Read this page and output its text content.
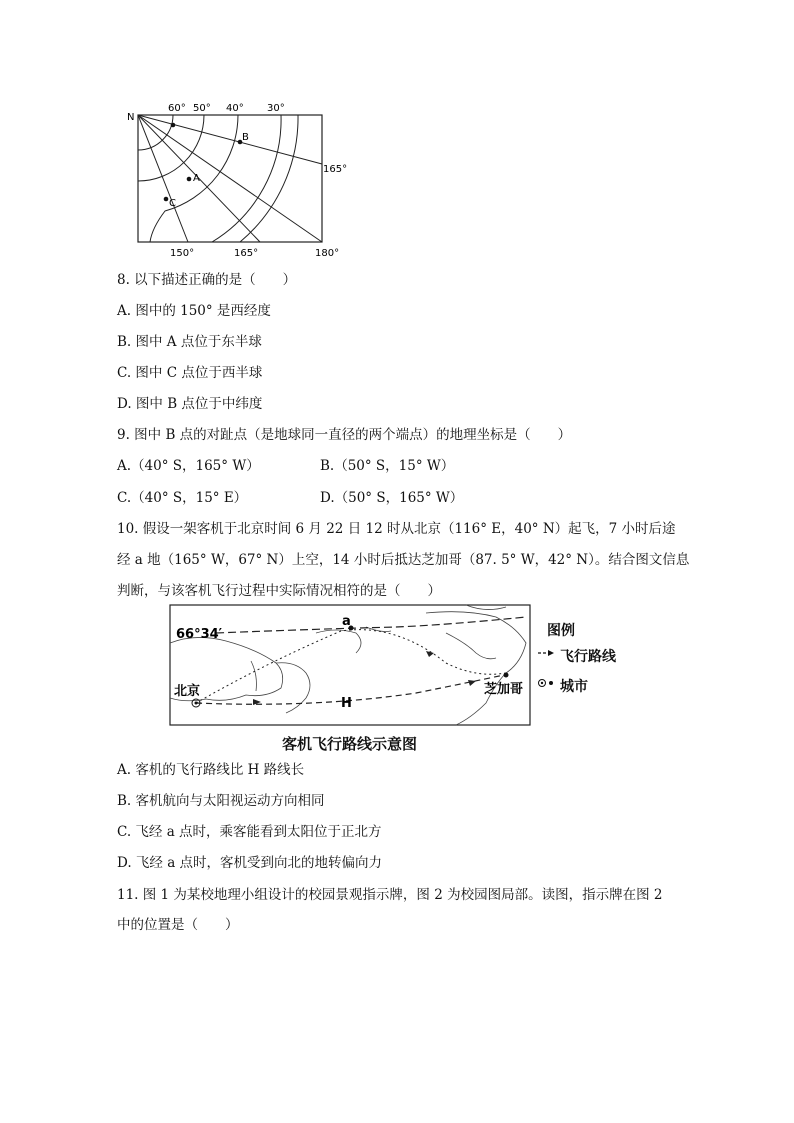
N
60° 50° 40° 30°
B
A
C
165°
150°	165°	180°
8. 以下描述正确的是（　　）
A. 图中的 150° 是西经度
B. 图中 A 点位于东半球
C. 图中 C 点位于西半球
D. 图中 B 点位于中纬度
9. 图中 B 点的对趾点（是地球同一直径的两个端点）的地理坐标是（　　）
A.（40° S，165° W）	B.（50° S，15° W）
C.（40° S，15° E）	D.（50° S，165° W）
10. 假设一架客机于北京时间 6 月 22 日 12 时从北京（116° E，40° N）起飞，7 小时后途
经 a 地（165° W，67° N）上空，14 小时后抵达芝加哥（87. 5° W，42° N）。结合图文信息
判断，与该客机飞行过程中实际情况相符的是（　　）
66°34′
a
北京	芝加哥
H
图例
飞行路线
城市
客机飞行路线示意图
A. 客机的飞行路线比 H 路线长
B. 客机航向与太阳视运动方向相同
C. 飞经 a 点时，乘客能看到太阳位于正北方
D. 飞经 a 点时，客机受到向北的地转偏向力
11. 图 1 为某校地理小组设计的校园景观指示牌，图 2 为校园图局部。读图，指示牌在图 2
中的位置是（　　）
